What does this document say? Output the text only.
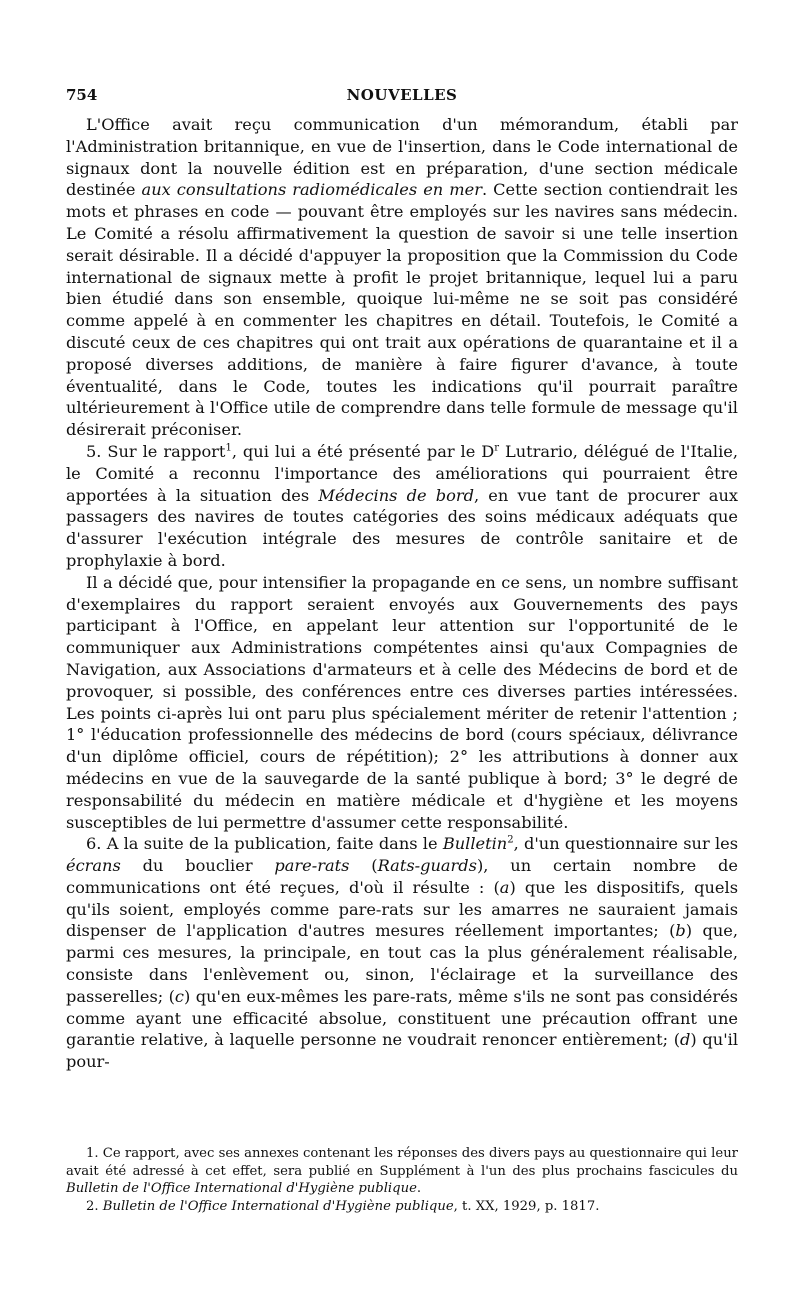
754	NOUVELLES

L'Office avait reçu communication d'un mémorandum, établi par l'Administration britannique, en vue de l'insertion, dans le Code international de signaux dont la nouvelle édition est en préparation, d'une section médicale destinée aux consultations radiomédicales en mer. Cette section contiendrait les mots et phrases en code — pouvant être employés sur les navires sans médecin. Le Comité a résolu affirmativement la question de savoir si une telle insertion serait désirable. Il a décidé d'appuyer la proposition que la Commission du Code international de signaux mette à profit le projet britannique, lequel lui a paru bien étudié dans son ensemble, quoique lui-même ne se soit pas considéré comme appelé à en commenter les chapitres en détail. Toutefois, le Comité a discuté ceux de ces chapitres qui ont trait aux opérations de quarantaine et il a proposé diverses additions, de manière à faire figurer d'avance, à toute éventualité, dans le Code, toutes les indications qu'il pourrait paraître ultérieurement à l'Office utile de comprendre dans telle formule de message qu'il désirerait préconiser.

5. Sur le rapport$^1$, qui lui a été présenté par le $D^r$ Lutrario, délégué de l'Italie, le Comité a reconnu l'importance des améliorations qui pourraient être apportées à la situation des Médecins de bord, en vue tant de procurer aux passagers des navires de toutes catégories des soins médicaux adéquats que d'assurer l'exécution intégrale des mesures de contrôle sanitaire et de prophylaxie à bord.

Il a décidé que, pour intensifier la propagande en ce sens, un nombre suffisant d'exemplaires du rapport seraient envoyés aux Gouvernements des pays participant à l'Office, en appelant leur attention sur l'opportunité de le communiquer aux Administrations compétentes ainsi qu'aux Compagnies de Navigation, aux Associations d'armateurs et à celle des Médecins de bord et de provoquer, si possible, des conférences entre ces diverses parties intéressées. Les points ci-après lui ont paru plus spécialement mériter de retenir l'attention ; 1° l'éducation professionnelle des médecins de bord (cours spéciaux, délivrance d'un diplôme officiel, cours de répétition); 2° les attributions à donner aux médecins en vue de la sauvegarde de la santé publique à bord; 3° le degré de responsabilité du médecin en matière médicale et d'hygiène et les moyens susceptibles de lui permettre d'assumer cette responsabilité.

6. A la suite de la publication, faite dans le Bulletin$^2$, d'un questionnaire sur les écrans du bouclier pare-rats (Rats-guards), un certain nombre de communications ont été reçues, d'où il résulte : (a) que les dispositifs, quels qu'ils soient, employés comme pare-rats sur les amarres ne sauraient jamais dispenser de l'application d'autres mesures réellement importantes; (b) que, parmi ces mesures, la principale, en tout cas la plus généralement réalisable, consiste dans l'enlèvement ou, sinon, l'éclairage et la surveillance des passerelles; (c) qu'en eux-mêmes les pare-rats, même s'ils ne sont pas considérés comme ayant une efficacité absolue, constituent une précaution offrant une garantie relative, à laquelle personne ne voudrait renoncer entièrement; (d) qu'il pour-

1. Ce rapport, avec ses annexes contenant les réponses des divers pays au questionnaire qui leur avait été adressé à cet effet, sera publié en Supplément à l'un des plus prochains fascicules du Bulletin de l'Office International d'Hygiène publique.

2. Bulletin de l'Office International d'Hygiène publique, t. XX, 1929, p. 1817.
